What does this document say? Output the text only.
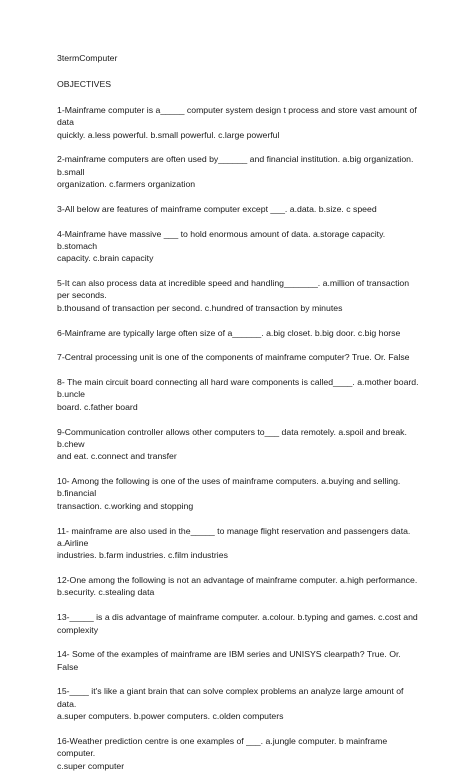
3termComputer
OBJECTIVES
1-Mainframe computer is a_____ computer system design t process and store vast amount of data
quickly. a.less powerful. b.small powerful. c.large powerful
2-mainframe computers are often used by______ and financial institution. a.big organization. b.small
organization. c.farmers organization
3-All below are features of mainframe computer except ___. a.data. b.size. c speed
4-Mainframe have massive ___ to hold enormous amount of data. a.storage capacity. b.stomach
capacity. c.brain capacity
5-It can also process data at incredible speed and handling_______. a.million of transaction per seconds.
b.thousand of transaction per second. c.hundred of transaction by minutes
6-Mainframe are typically large often size of a______. a.big closet. b.big door. c.big horse
7-Central processing unit is one of the components of mainframe computer? True. Or. False
8- The main circuit board connecting all hard ware components is called____. a.mother board. b.uncle
board. c.father board
9-Communication controller allows other computers to___ data remotely. a.spoil and break. b.chew
and eat. c.connect and transfer
10- Among the following is one of the uses of mainframe computers. a.buying and selling. b.financial
transaction. c.working and stopping
11- mainframe are also used in the_____ to manage flight reservation and passengers data. a.Airline
industries. b.farm industries. c.film industries
12-One among the following is not an advantage of mainframe computer. a.high performance.
b.security. c.stealing data
13-_____ is a dis advantage of mainframe computer. a.colour. b.typing and games. c.cost and
complexity
14- Some of the examples of mainframe are IBM series and UNISYS clearpath? True. Or. False
15-____ it's like a giant brain that can solve complex problems an analyze large amount of data.
a.super computers. b.power computers. c.olden computers
16-Weather prediction centre is one examples of ___. a.jungle computer. b mainframe computer.
c.super computer
